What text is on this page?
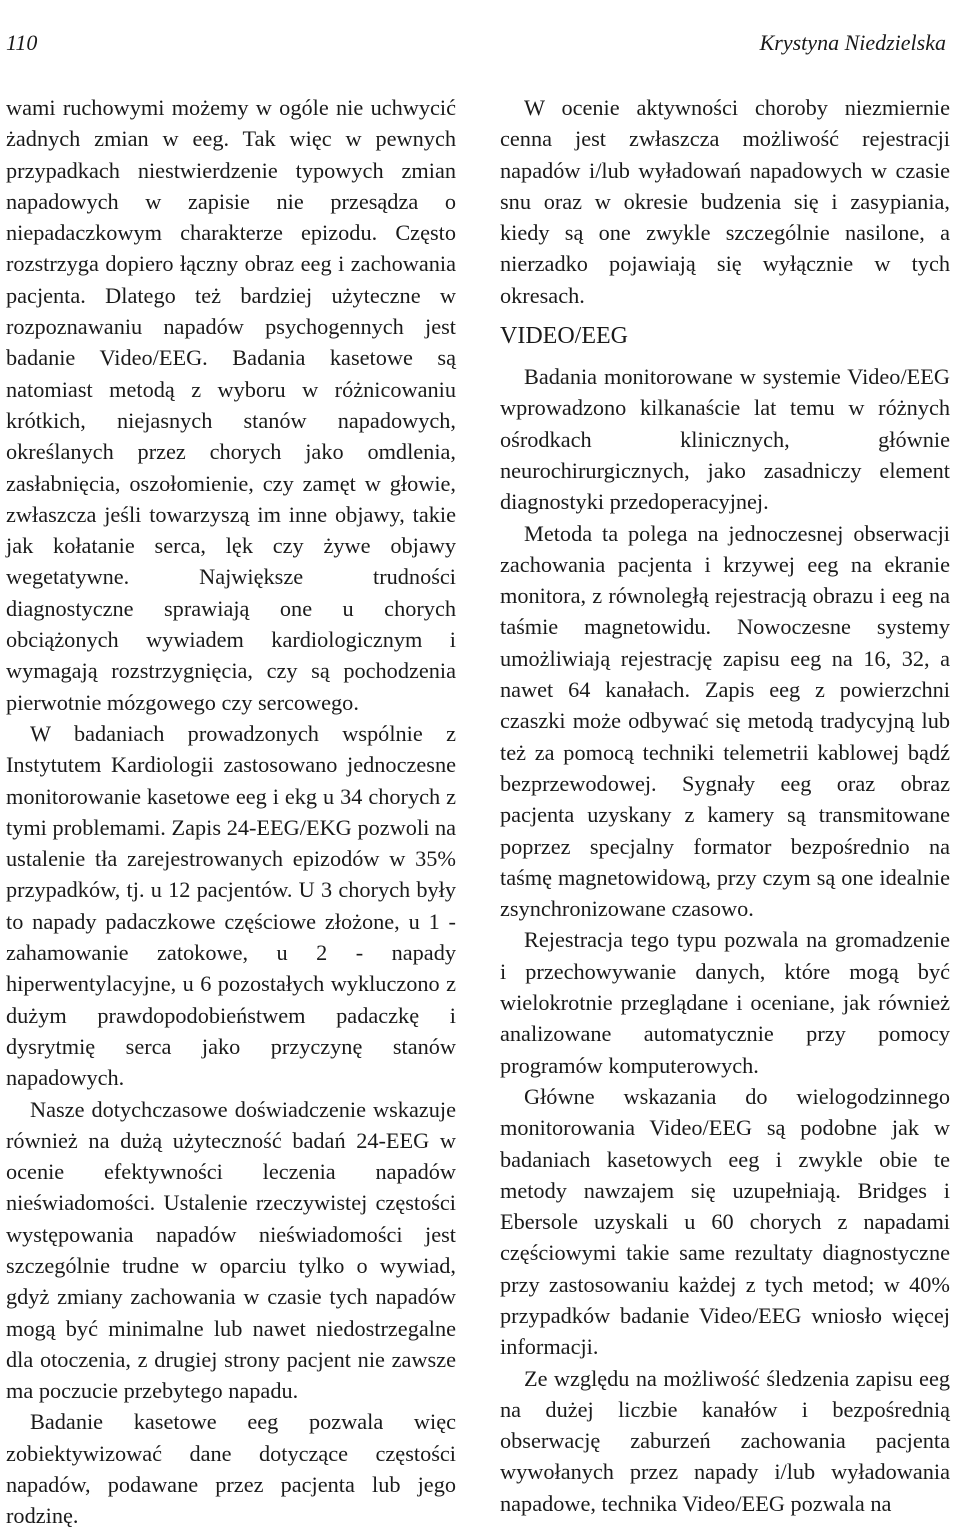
110	Krystyna Niedzielska

wami ruchowymi możemy w ogóle nie uchwycić żadnych zmian w eeg. Tak więc w pewnych przypadkach niestwierdzenie typowych zmian napadowych w zapisie nie przesądza o niepadaczkowym charakterze epizodu. Często rozstrzyga dopiero łączny obraz eeg i zachowania pacjenta. Dlatego też bardziej użyteczne w rozpoznawaniu napadów psychogennych jest badanie Video/EEG. Badania kasetowe są natomiast metodą z wyboru w różnicowaniu krótkich, niejasnych stanów napadowych, określanych przez chorych jako omdlenia, zasłabnięcia, oszołomienie, czy zamęt w głowie, zwłaszcza jeśli towarzyszą im inne objawy, takie jak kołatanie serca, lęk czy żywe objawy wegetatywne. Największe trudności diagnostyczne sprawiają one u chorych obciążonych wywiadem kardiologicznym i wymagają rozstrzygnięcia, czy są pochodzenia pierwotnie mózgowego czy sercowego.

W badaniach prowadzonych wspólnie z Instytutem Kardiologii zastosowano jednoczesne monitorowanie kasetowe eeg i ekg u 34 chorych z tymi problemami. Zapis 24-EEG/EKG pozwoli na ustalenie tła zarejestrowanych epizodów w 35% przypadków, tj. u 12 pacjentów. U 3 chorych były to napady padaczkowe częściowe złożone, u 1 - zahamowanie zatokowe, u 2 - napady hiperwentylacyjne, u 6 pozostałych wykluczono z dużym prawdopodobieństwem padaczkę i dysrytmię serca jako przyczynę stanów napadowych.

Nasze dotychczasowe doświadczenie wskazuje również na dużą użyteczność badań 24-EEG w ocenie efektywności leczenia napadów nieświadomości. Ustalenie rzeczywistej częstości występowania napadów nieświadomości jest szczególnie trudne w oparciu tylko o wywiad, gdyż zmiany zachowania w czasie tych napadów mogą być minimalne lub nawet niedostrzegalne dla otoczenia, z drugiej strony pacjent nie zawsze ma poczucie przebytego napadu.

Badanie kasetowe eeg pozwala więc zobiektywizować dane dotyczące częstości napadów, podawane przez pacjenta lub jego rodzinę.

W ocenie aktywności choroby niezmiernie cenna jest zwłaszcza możliwość rejestracji napadów i/lub wyładowań napadowych w czasie snu oraz w okresie budzenia się i zasypiania, kiedy są one zwykle szczególnie nasilone, a nierzadko pojawiają się wyłącznie w tych okresach.

VIDEO/EEG

Badania monitorowane w systemie Video/EEG wprowadzono kilkanaście lat temu w różnych ośrodkach klinicznych, głównie neurochirurgicznych, jako zasadniczy element diagnostyki przedoperacyjnej.

Metoda ta polega na jednoczesnej obserwacji zachowania pacjenta i krzywej eeg na ekranie monitora, z równoległą rejestracją obrazu i eeg na taśmie magnetowidu. Nowoczesne systemy umożliwiają rejestrację zapisu eeg na 16, 32, a nawet 64 kanałach. Zapis eeg z powierzchni czaszki może odbywać się metodą tradycyjną lub też za pomocą techniki telemetrii kablowej bądź bezprzewodowej. Sygnały eeg oraz obraz pacjenta uzyskany z kamery są transmitowane poprzez specjalny formator bezpośrednio na taśmę magnetowidową, przy czym są one idealnie zsynchronizowane czasowo.

Rejestracja tego typu pozwala na gromadzenie i przechowywanie danych, które mogą być wielokrotnie przeglądane i oceniane, jak również analizowane automatycznie przy pomocy programów komputerowych.

Główne wskazania do wielogodzinnego monitorowania Video/EEG są podobne jak w badaniach kasetowych eeg i zwykle obie te metody nawzajem się uzupełniają. Bridges i Ebersole uzyskali u 60 chorych z napadami częściowymi takie same rezultaty diagnostyczne przy zastosowaniu każdej z tych metod; w 40% przypadków badanie Video/EEG wniosło więcej informacji.

Ze względu na możliwość śledzenia zapisu eeg na dużej liczbie kanałów i bezpośrednią obserwację zaburzeń zachowania pacjenta wywołanych przez napady i/lub wyładowania napadowe, technika Video/EEG pozwala na
